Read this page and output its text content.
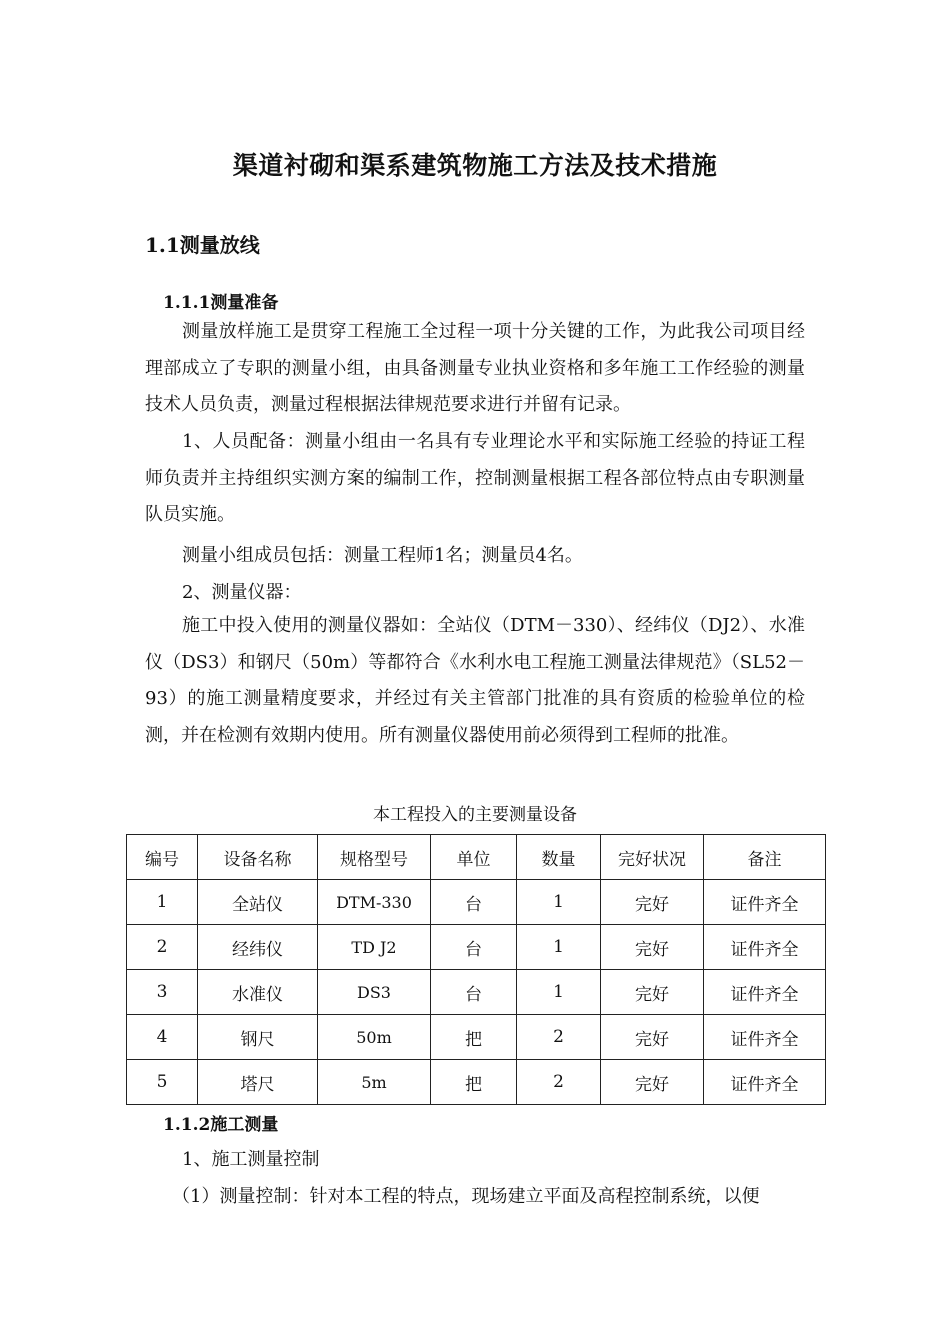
渠道衬砌和渠系建筑物施工方法及技术措施
1.1测量放线
1.1.1测量准备

测量放样施工是贯穿工程施工全过程一项十分关键的工作，为此我公司项目经理部成立了专职的测量小组，由具备测量专业执业资格和多年施工工作经验的测量技术人员负责，测量过程根据法律规范要求进行并留有记录。

1、人员配备：测量小组由一名具有专业理论水平和实际施工经验的持证工程师负责并主持组织实测方案的编制工作，控制测量根据工程各部位特点由专职测量队员实施。

测量小组成员包括：测量工程师1名；测量员4名。
2、测量仪器：

施工中投入使用的测量仪器如：全站仪（DTM－330）、经纬仪（DJ2）、水准仪（DS3）和钢尺（50m）等都符合《水利水电工程施工测量法律规范》（SL52－93）的施工测量精度要求，并经过有关主管部门批准的具有资质的检验单位的检测，并在检测有效期内使用。所有测量仪器使用前必须得到工程师的批准。

本工程投入的主要测量设备
编号	设备名称	规格型号	单位	数量	完好状况	备注
1	全站仪	DTM-330	台	1	完好	证件齐全
2	经纬仪	TD J2	台	1	完好	证件齐全
3	水准仪	DS3	台	1	完好	证件齐全
4	钢尺	50m	把	2	完好	证件齐全
5	塔尺	5m	把	2	完好	证件齐全
1.1.2施工测量
1、施工测量控制
（1）测量控制：针对本工程的特点，现场建立平面及高程控制系统，以便
